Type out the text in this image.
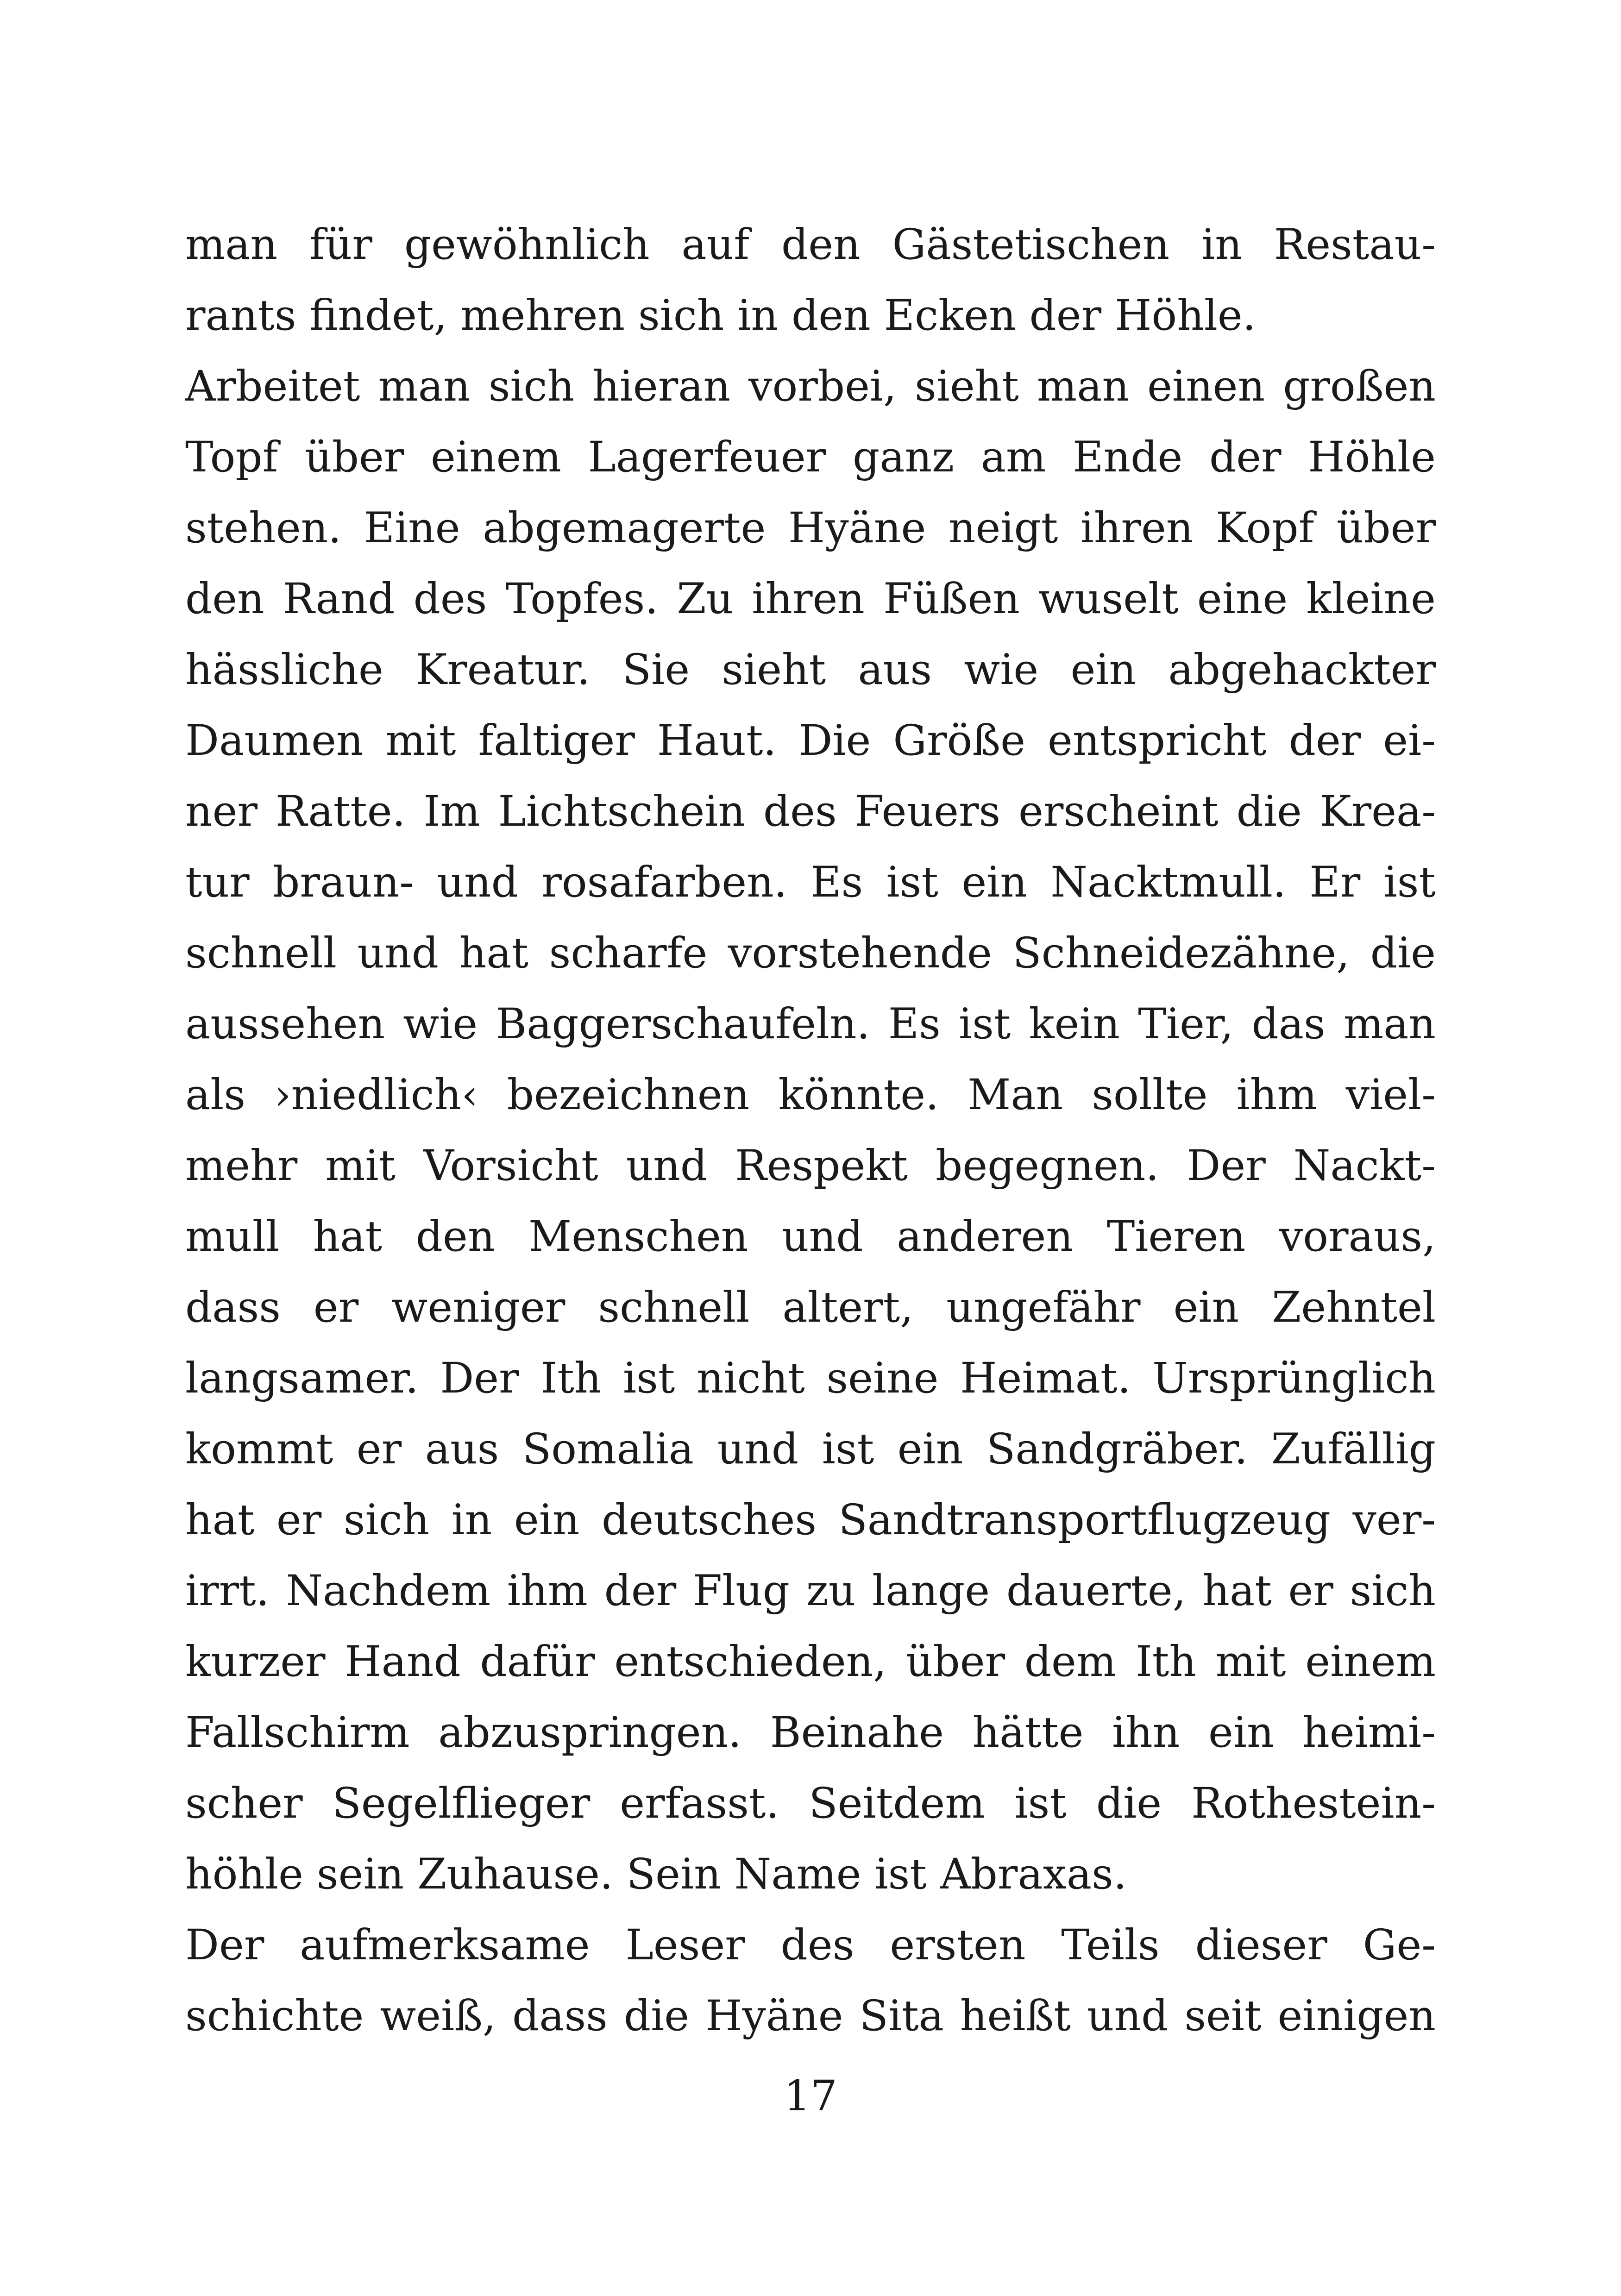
man für gewöhnlich auf den Gästetischen in Restau-
rants findet, mehren sich in den Ecken der Höhle.
Arbeitet man sich hieran vorbei, sieht man einen großen
Topf über einem Lagerfeuer ganz am Ende der Höhle
stehen. Eine abgemagerte Hyäne neigt ihren Kopf über
den Rand des Topfes. Zu ihren Füßen wuselt eine kleine
hässliche Kreatur. Sie sieht aus wie ein abgehackter
Daumen mit faltiger Haut. Die Größe entspricht der ei-
ner Ratte. Im Lichtschein des Feuers erscheint die Krea-
tur braun- und rosafarben. Es ist ein Nacktmull. Er ist
schnell und hat scharfe vorstehende Schneidezähne, die
aussehen wie Baggerschaufeln. Es ist kein Tier, das man
als ›niedlich‹ bezeichnen könnte. Man sollte ihm viel-
mehr mit Vorsicht und Respekt begegnen. Der Nackt-
mull hat den Menschen und anderen Tieren voraus,
dass er weniger schnell altert, ungefähr ein Zehntel
langsamer. Der Ith ist nicht seine Heimat. Ursprünglich
kommt er aus Somalia und ist ein Sandgräber. Zufällig
hat er sich in ein deutsches Sandtransportflugzeug ver-
irrt. Nachdem ihm der Flug zu lange dauerte, hat er sich
kurzer Hand dafür entschieden, über dem Ith mit einem
Fallschirm abzuspringen. Beinahe hätte ihn ein heimi-
scher Segelflieger erfasst. Seitdem ist die Rothestein-
höhle sein Zuhause. Sein Name ist Abraxas.
Der aufmerksame Leser des ersten Teils dieser Ge-
schichte weiß, dass die Hyäne Sita heißt und seit einigen
17
